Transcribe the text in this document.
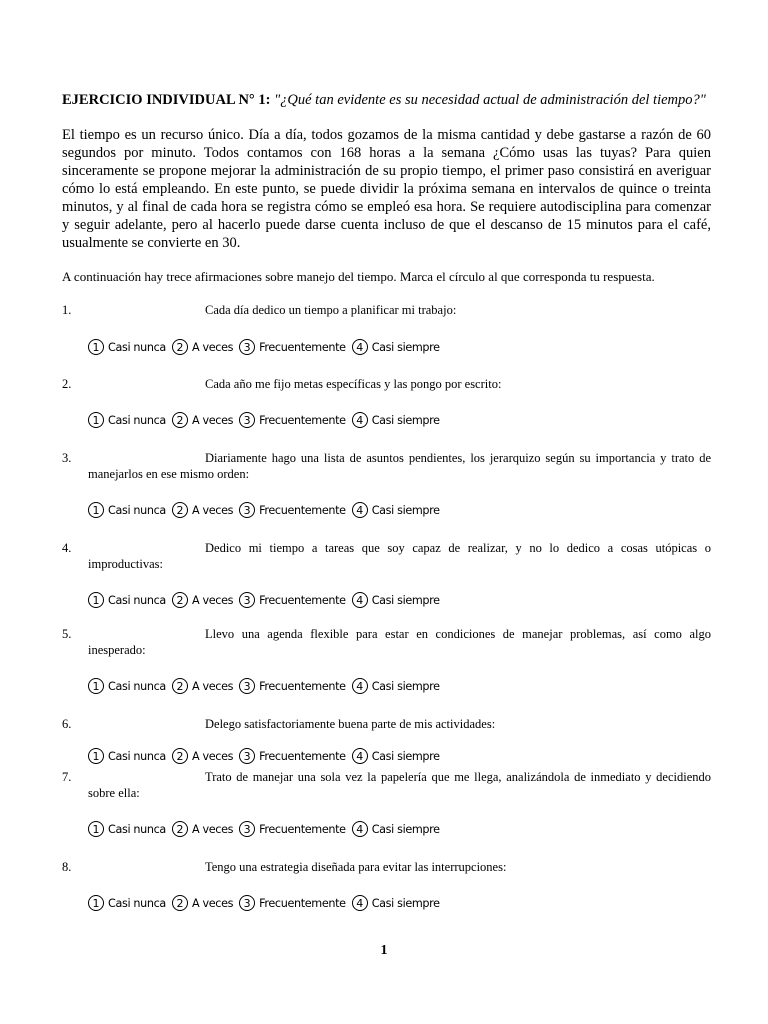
EJERCICIO INDIVIDUAL N° 1: "¿Qué tan evidente es su necesidad actual de administración del tiempo?"
El tiempo es un recurso único. Día a día, todos gozamos de la misma cantidad y debe gastarse a razón de 60 segundos por minuto. Todos contamos con 168 horas a la semana ¿Cómo usas las tuyas? Para quien sinceramente se propone mejorar la administración de su propio tiempo, el primer paso consistirá en averiguar cómo lo está empleando. En este punto, se puede dividir la próxima semana en intervalos de quince o treinta minutos, y al final de cada hora se registra cómo se empleó esa hora. Se requiere autodisciplina para comenzar y seguir adelante, pero al hacerlo puede darse cuenta incluso de que el descanso de 15 minutos para el café, usualmente se convierte en 30.
A continuación hay trece afirmaciones sobre manejo del tiempo. Marca el círculo al que corresponda tu respuesta.
1.	Cada día dedico un tiempo a planificar mi trabajo:
1 Casi nunca 2 A veces 3 Frecuentemente 4 Casi siempre
2.	Cada año me fijo metas específicas y las pongo por escrito:
1 Casi nunca 2 A veces 3 Frecuentemente 4 Casi siempre
3.	Diariamente hago una lista de asuntos pendientes, los jerarquizo según su importancia y trato de manejarlos en ese mismo orden:
1 Casi nunca 2 A veces 3 Frecuentemente 4 Casi siempre
4.	Dedico mi tiempo a tareas que soy capaz de realizar, y no lo dedico a cosas utópicas o improductivas:
1 Casi nunca 2 A veces 3 Frecuentemente 4 Casi siempre
5.	Llevo una agenda flexible para estar en condiciones de manejar problemas, así como algo inesperado:
1 Casi nunca 2 A veces 3 Frecuentemente 4 Casi siempre
6.	Delego satisfactoriamente buena parte de mis actividades:
1 Casi nunca 2 A veces 3 Frecuentemente 4 Casi siempre
7.	Trato de manejar una sola vez la papelería que me llega, analizándola de inmediato y decidiendo sobre ella:
1 Casi nunca 2 A veces 3 Frecuentemente 4 Casi siempre
8.	Tengo una estrategia diseñada para evitar las interrupciones:
1 Casi nunca 2 A veces 3 Frecuentemente 4 Casi siempre
1
